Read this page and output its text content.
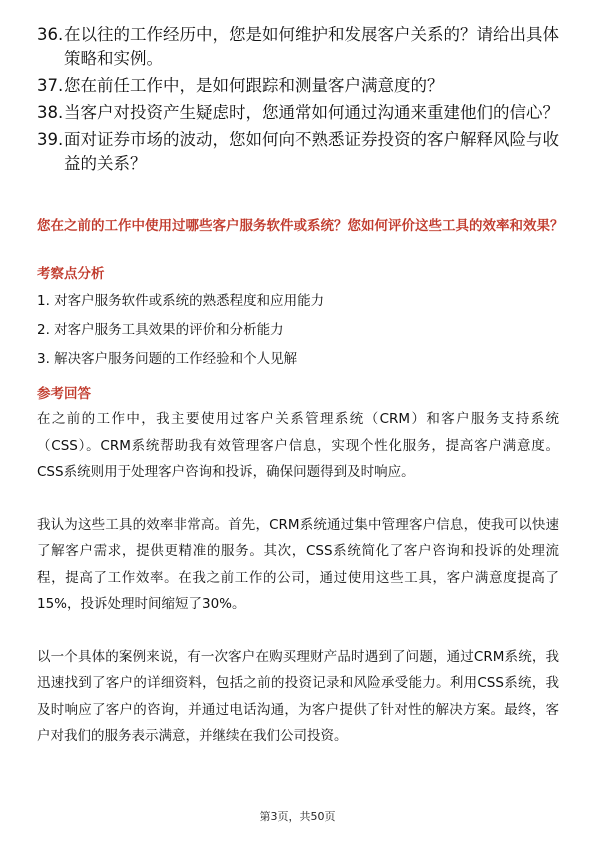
36. 在以往的工作经历中，您是如何维护和发展客户关系的？请给出具体策略和实例。
37. 您在前任工作中，是如何跟踪和测量客户满意度的？
38. 当客户对投资产生疑虑时，您通常如何通过沟通来重建他们的信心？
39. 面对证券市场的波动，您如何向不熟悉证券投资的客户解释风险与收益的关系？
您在之前的工作中使用过哪些客户服务软件或系统？您如何评价这些工具的效率和效果？
考察点分析
1. 对客户服务软件或系统的熟悉程度和应用能力
2. 对客户服务工具效果的评价和分析能力
3. 解决客户服务问题的工作经验和个人见解
参考回答

在之前的工作中，我主要使用过客户关系管理系统（CRM）和客户服务支持系统（CSS）。CRM系统帮助我有效管理客户信息，实现个性化服务，提高客户满意度。CSS系统则用于处理客户咨询和投诉，确保问题得到及时响应。

我认为这些工具的效率非常高。首先，CRM系统通过集中管理客户信息，使我可以快速了解客户需求，提供更精准的服务。其次，CSS系统简化了客户咨询和投诉的处理流程，提高了工作效率。在我之前工作的公司，通过使用这些工具，客户满意度提高了15%，投诉处理时间缩短了30%。

以一个具体的案例来说，有一次客户在购买理财产品时遇到了问题，通过CRM系统，我迅速找到了客户的详细资料，包括之前的投资记录和风险承受能力。利用CSS系统，我及时响应了客户的咨询，并通过电话沟通，为客户提供了针对性的解决方案。最终，客户对我们的服务表示满意，并继续在我们公司投资。

第3页，共50页
